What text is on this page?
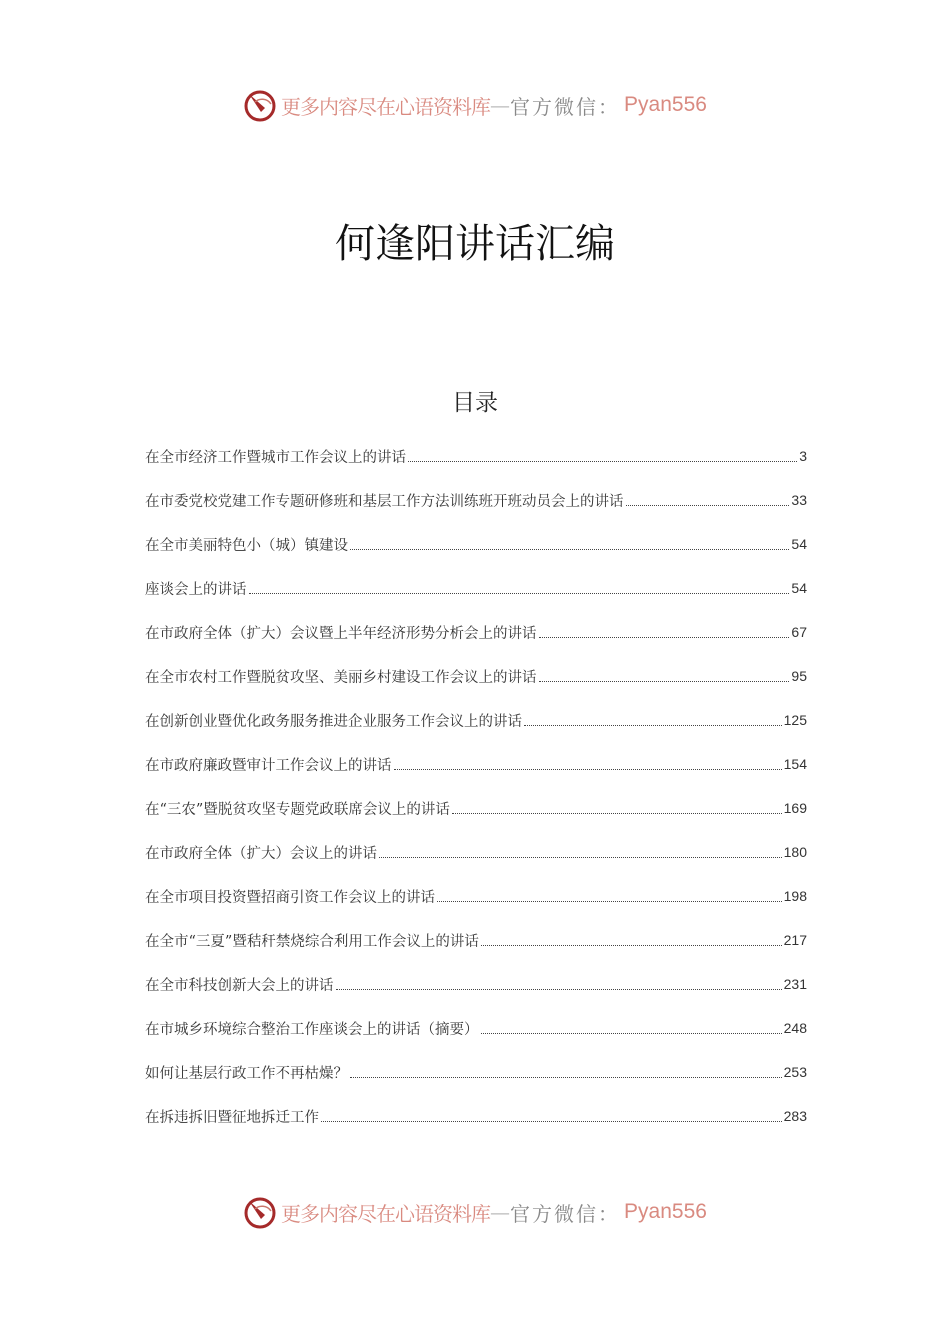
更多内容尽在心语资料库 — 官方微信： Pyan556
何逢阳讲话汇编
目录
在全市经济工作暨城市工作会议上的讲话	3
在市委党校党建工作专题研修班和基层工作方法训练班开班动员会上的讲话	33
在全市美丽特色小（城）镇建设	54
座谈会上的讲话	54
在市政府全体（扩大）会议暨上半年经济形势分析会上的讲话	67
在全市农村工作暨脱贫攻坚、美丽乡村建设工作会议上的讲话	95
在创新创业暨优化政务服务推进企业服务工作会议上的讲话	125
在市政府廉政暨审计工作会议上的讲话	154
在“三农”暨脱贫攻坚专题党政联席会议上的讲话	169
在市政府全体（扩大）会议上的讲话	180
在全市项目投资暨招商引资工作会议上的讲话	198
在全市“三夏”暨秸秆禁烧综合利用工作会议上的讲话	217
在全市科技创新大会上的讲话	231
在市城乡环境综合整治工作座谈会上的讲话（摘要）	248
如何让基层行政工作不再枯燥？	253
在拆违拆旧暨征地拆迁工作	283
更多内容尽在心语资料库 — 官方微信： Pyan556
